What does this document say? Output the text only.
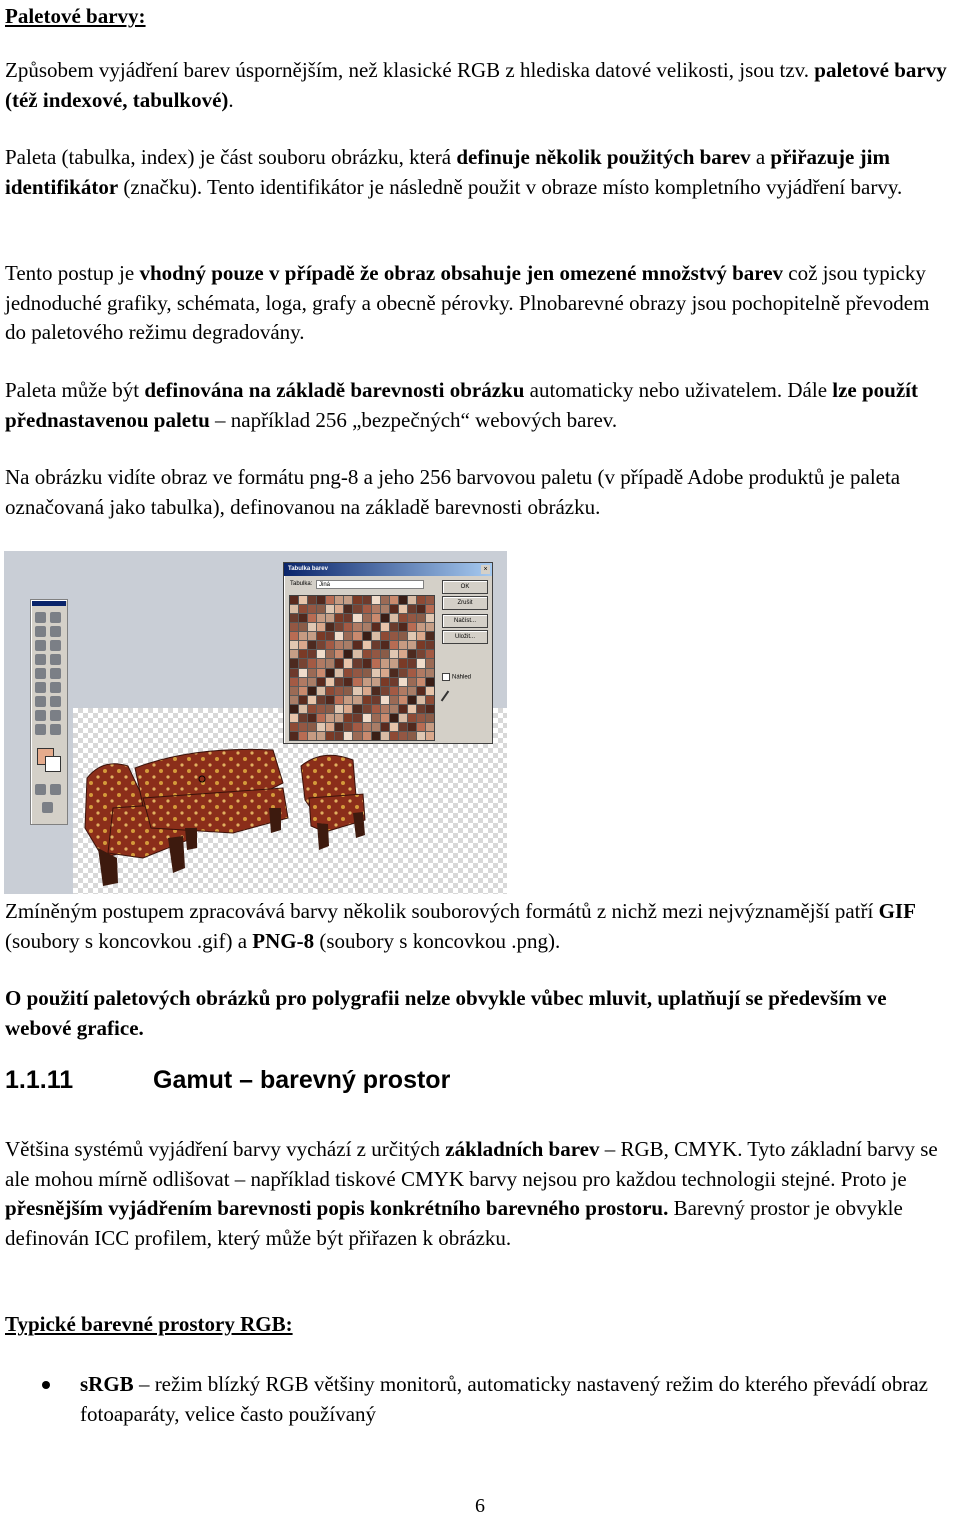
Paletové barvy:

Způsobem vyjádření barev úspornějším, než klasické RGB z hlediska datové velikosti, jsou tzv. paletové barvy (též indexové, tabulkové).

Paleta (tabulka, index) je část souboru obrázku, která definuje několik použitých barev a přiřazuje jim identifikátor (značku). Tento identifikátor je následně použit v obraze místo kompletního vyjádření barvy.

Tento postup je vhodný pouze v případě že obraz obsahuje jen omezené množstvý barev což jsou typicky jednoduché grafiky, schémata, loga, grafy a obecně pérovky. Plnobarevné obrazy jsou pochopitelně převodem do paletového režimu degradovány.

Paleta může být definována na základě barevnosti obrázku automaticky nebo uživatelem. Dále lze použít přednastavenou paletu – například 256 „bezpečných“ webových barev.

Na obrázku vidíte obraz ve formátu png-8 a jeho 256 barvovou paletu (v případě Adobe produktů je paleta označovaná jako tabulka), definovanou na základě barevnosti obrázku.

Tabulka barev	×
Tabulka:	Jiná	OK
Zrušit
Načíst...
Uložit...
Náhled

Zmíněným postupem zpracovává barvy několik souborových formátů z nichž mezi nejvýznamější patří GIF (soubory s koncovkou .gif) a PNG-8 (soubory s koncovkou .png).

O použití paletových obrázků pro polygrafii nelze obvykle vůbec mluvit, uplatňují se především ve webové grafice.

1.1.11	Gamut – barevný prostor

Většina systémů vyjádření barvy vychází z určitých základních barev – RGB, CMYK. Tyto základní barvy se ale mohou mírně odlišovat – například tiskové CMYK barvy nejsou pro každou technologii stejné. Proto je přesnějším vyjádřením barevnosti popis konkrétního barevného prostoru. Barevný prostor je obvykle definován ICC profilem, který může být přiřazen k obrázku.

Typické barevné prostory RGB:
sRGB – režim blízký RGB většiny monitorů, automaticky nastavený režim do kterého převádí obraz fotoaparáty, velice často používaný
6
